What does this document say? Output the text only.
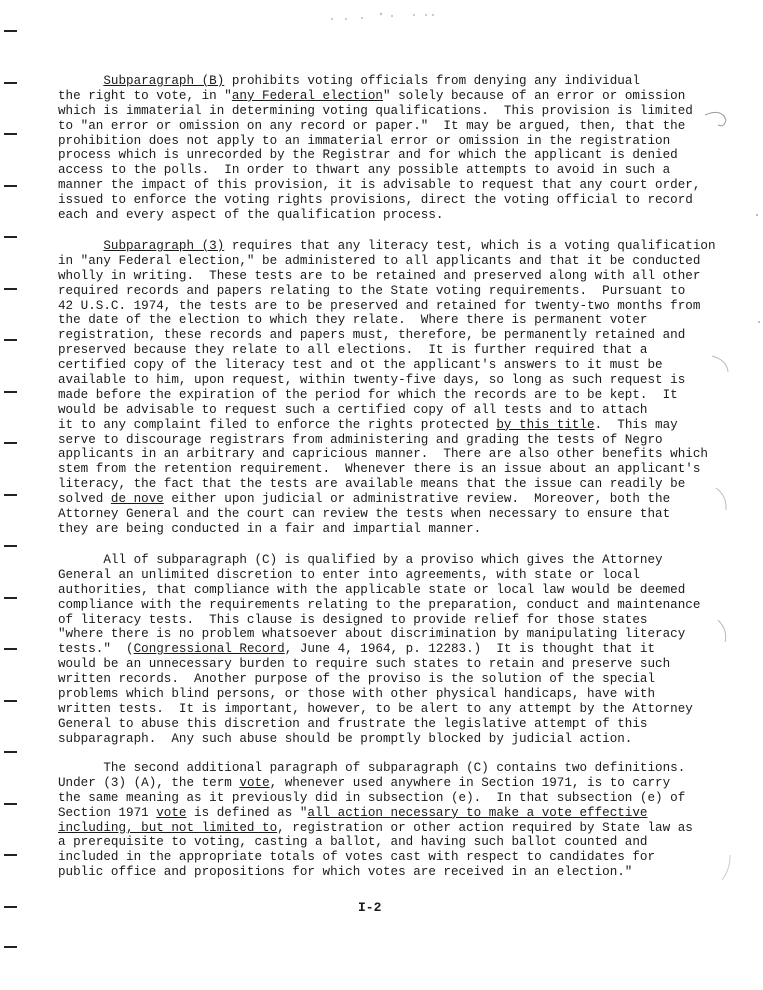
Subparagraph (B) prohibits voting officials from denying any individual
the right to vote, in "any Federal election" solely because of an error or omission
which is immaterial in determining voting qualifications.  This provision is limited
to "an error or omission on any record or paper."  It may be argued, then, that the
prohibition does not apply to an immaterial error or omission in the registration
process which is unrecorded by the Registrar and for which the applicant is denied
access to the polls.  In order to thwart any possible attempts to avoid in such a
manner the impact of this provision, it is advisable to request that any court order,
issued to enforce the voting rights provisions, direct the voting official to record
each and every aspect of the qualification process.
Subparagraph (3) requires that any literacy test, which is a voting qualification
in "any Federal election," be administered to all applicants and that it be conducted
wholly in writing.  These tests are to be retained and preserved along with all other
required records and papers relating to the State voting requirements.  Pursuant to
42 U.S.C. 1974, the tests are to be preserved and retained for twenty-two months from
the date of the election to which they relate.  Where there is permanent voter
registration, these records and papers must, therefore, be permanently retained and
preserved because they relate to all elections.  It is further required that a
certified copy of the literacy test and ot the applicant's answers to it must be
available to him, upon request, within twenty-five days, so long as such request is
made before the expiration of the period for which the records are to be kept.  It
would be advisable to request such a certified copy of all tests and to attach
it to any complaint filed to enforce the rights protected by this title.  This may
serve to discourage registrars from administering and grading the tests of Negro
applicants in an arbitrary and capricious manner.  There are also other benefits which
stem from the retention requirement.  Whenever there is an issue about an applicant's
literacy, the fact that the tests are available means that the issue can readily be
solved de nove either upon judicial or administrative review.  Moreover, both the
Attorney General and the court can review the tests when necessary to ensure that
they are being conducted in a fair and impartial manner.
All of subparagraph (C) is qualified by a proviso which gives the Attorney
General an unlimited discretion to enter into agreements, with state or local
authorities, that compliance with the applicable state or local law would be deemed
compliance with the requirements relating to the preparation, conduct and maintenance
of literacy tests.  This clause is designed to provide relief for those states
"where there is no problem whatsoever about discrimination by manipulating literacy
tests."  (Congressional Record, June 4, 1964, p. 12283.)  It is thought that it
would be an unnecessary burden to require such states to retain and preserve such
written records.  Another purpose of the proviso is the solution of the special
problems which blind persons, or those with other physical handicaps, have with
written tests.  It is important, however, to be alert to any attempt by the Attorney
General to abuse this discretion and frustrate the legislative attempt of this
subparagraph.  Any such abuse should be promptly blocked by judicial action.
The second additional paragraph of subparagraph (C) contains two definitions.
Under (3) (A), the term vote, whenever used anywhere in Section 1971, is to carry
the same meaning as it previously did in subsection (e).  In that subsection (e) of
Section 1971 vote is defined as "all action necessary to make a vote effective
including, but not limited to, registration or other action required by State law as
a prerequisite to voting, casting a ballot, and having such ballot counted and
included in the appropriate totals of votes cast with respect to candidates for
public office and propositions for which votes are received in an election."
I-2
